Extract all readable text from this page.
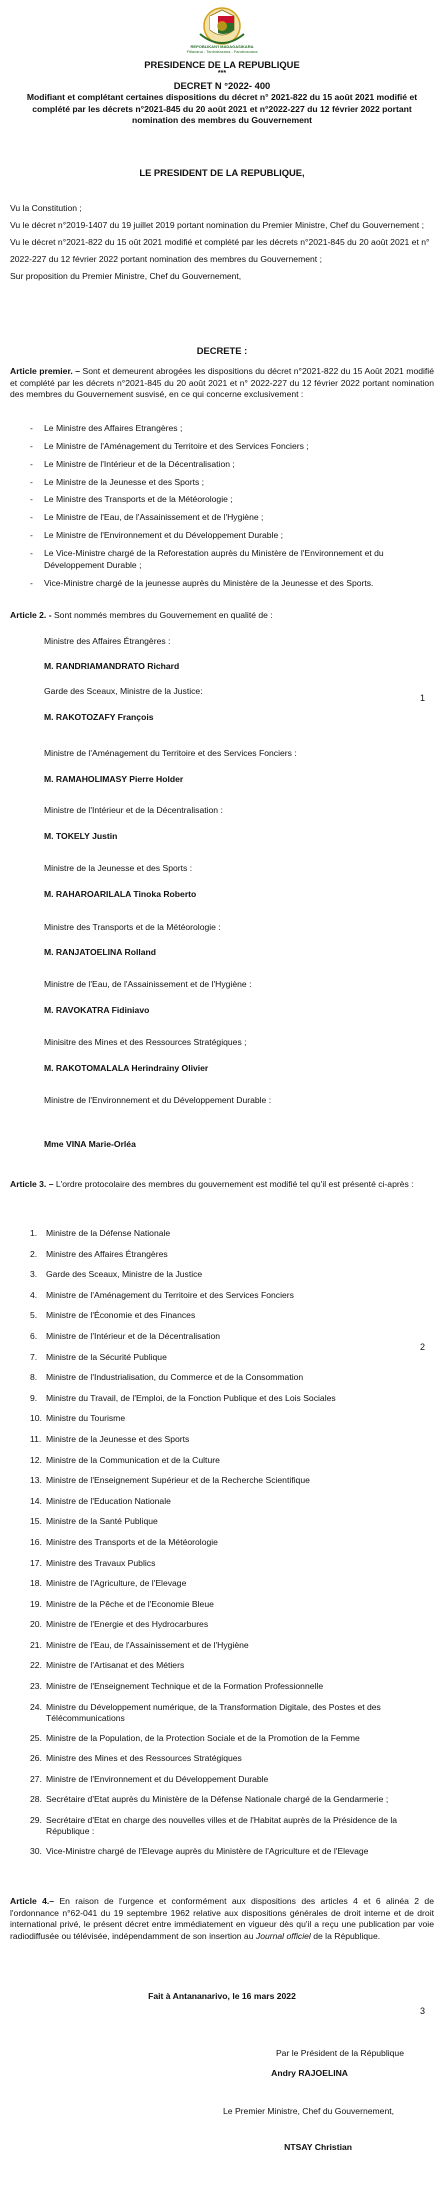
REPOBLIKAN'I MADAGASIKARA
Fitiavana - Tanindrazana - Fandrosoana
PRESIDENCE DE LA REPUBLIQUE
***
DECRET N °2022- 400
Modifiant et complétant certaines dispositions du décret n° 2021-822 du 15 août 2021 modifié et complété par les décrets n°2021-845 du 20 août 2021 et n°2022-227 du 12 février 2022 portant nomination des membres du Gouvernement
LE PRESIDENT DE LA REPUBLIQUE,
Vu la Constitution ;
Vu le décret n°2019-1407 du 19 juillet 2019 portant nomination du Premier Ministre, Chef du Gouvernement ;
Vu le décret n°2021-822 du 15 oût 2021 modifié et complété par les décrets n°2021-845 du 20 août 2021 et n° 2022-227 du 12 février 2022 portant nomination des membres du Gouvernement ;
Sur proposition du Premier Ministre, Chef du Gouvernement,
DECRETE :
Article premier. – Sont et demeurent abrogées les dispositions du décret n°2021-822 du 15 Août 2021 modifié et complété par les décrets n°2021-845 du 20 août 2021 et n° 2022-227 du 12 février 2022 portant nomination des membres du Gouvernement susvisé, en ce qui concerne exclusivement :
- Le Ministre des Affaires Etrangères ;
- Le Ministre de l'Aménagement du Territoire et des Services Fonciers ;
- Le Ministre de l'Intérieur et de la Décentralisation ;
- Le Ministre de la Jeunesse et des Sports ;
- Le Ministre des Transports et de la Météorologie ;
- Le Ministre de l'Eau, de l'Assainissement et de l'Hygiène ;
- Le Ministre de l'Environnement et du Développement Durable ;
- Le Vice-Ministre chargé de la Reforestation auprès du Ministère de l'Environnement et du Développement Durable ;
- Vice-Ministre chargé de la jeunesse auprès du Ministère de la Jeunesse et des Sports.
Article 2. - Sont nommés membres du Gouvernement en qualité de :
Ministre des Affaires Étrangères :
M. RANDRIAMANDRATO Richard
Garde des Sceaux, Ministre de la Justice:
M. RAKOTOZAFY François
Ministre de l'Aménagement du Territoire et des Services Fonciers :
M. RAMAHOLIMASY Pierre Holder
Ministre de l'Intérieur et de la Décentralisation :
M. TOKELY Justin
Ministre de la Jeunesse et des Sports :
M. RAHAROARILALA Tinoka Roberto
Ministre des Transports et de la Météorologie :
M. RANJATOELINA Rolland
Ministre de l'Eau, de l'Assainissement et de l'Hygiène :
M. RAVOKATRA Fidiniavo
Minisitre des Mines et des Ressources Stratégiques ;
M. RAKOTOMALALA Herindrainy Olivier
Ministre de l'Environnement et du Développement Durable :
Mme VINA Marie-Orléa
Article 3. – L'ordre protocolaire des membres du gouvernement est modifié tel qu'il est présenté ci-après :
1. Ministre de la Défense Nationale
2. Ministre des Affaires Étrangères
3. Garde des Sceaux, Ministre de la Justice
4. Ministre de l'Aménagement du Territoire et des Services Fonciers
5. Ministre de l'Économie et des Finances
6. Ministre de l'Intérieur et de la Décentralisation
7. Ministre de la Sécurité Publique
8. Ministre de l'Industrialisation, du Commerce et de la Consommation
9. Ministre du Travail, de l'Emploi, de la Fonction Publique et des Lois Sociales
10. Ministre du Tourisme
11. Ministre de la Jeunesse et des Sports
12. Ministre de la Communication et de la Culture
13. Ministre de l'Enseignement Supérieur et de la Recherche Scientifique
14. Ministre de l'Education Nationale
15. Ministre de la Santé Publique
16. Ministre des Transports et de la Météorologie
17. Ministre des Travaux Publics
18. Ministre de l'Agriculture, de l'Elevage
19. Ministre de la Pêche et de l'Economie Bleue
20. Ministre de l'Energie et des Hydrocarbures
21. Ministre de l'Eau, de l'Assainissement et de l'Hygiène
22. Ministre de l'Artisanat et des Métiers
23. Ministre de l'Enseignement Technique et de la Formation Professionnelle
24. Ministre du Développement numérique, de la Transformation Digitale, des Postes et des Télécommunications
25. Ministre de la Population, de la Protection Sociale et de la Promotion de la Femme
26. Ministre des Mines et des Ressources Stratégiques
27. Ministre de l'Environnement et du Développement Durable
28. Secrétaire d'Etat auprès du Ministère de la Défense Nationale chargé de la Gendarmerie ;
29. Secrétaire d'Etat en charge des nouvelles villes et de l'Habitat auprès de la Présidence de la République :
30. Vice-Ministre chargé de l'Elevage auprès du Ministère de l'Agriculture et de l'Elevage
Article 4.– En raison de l'urgence et conformément aux dispositions des articles 4 et 6 alinéa 2 de l'ordonnance n°62-041 du 19 septembre 1962 relative aux dispositions générales de droit interne et de droit international privé, le présent décret entre immédiatement en vigueur dès qu'il a reçu une publication par voie radiodiffusée ou télévisée, indépendamment de son insertion au Journal officiel de la République.
Fait à Antananarivo, le 16 mars 2022
1
2
3
Par le Président de la République
Andry RAJOELINA
Le Premier Ministre, Chef du Gouvernement,
NTSAY Christian
